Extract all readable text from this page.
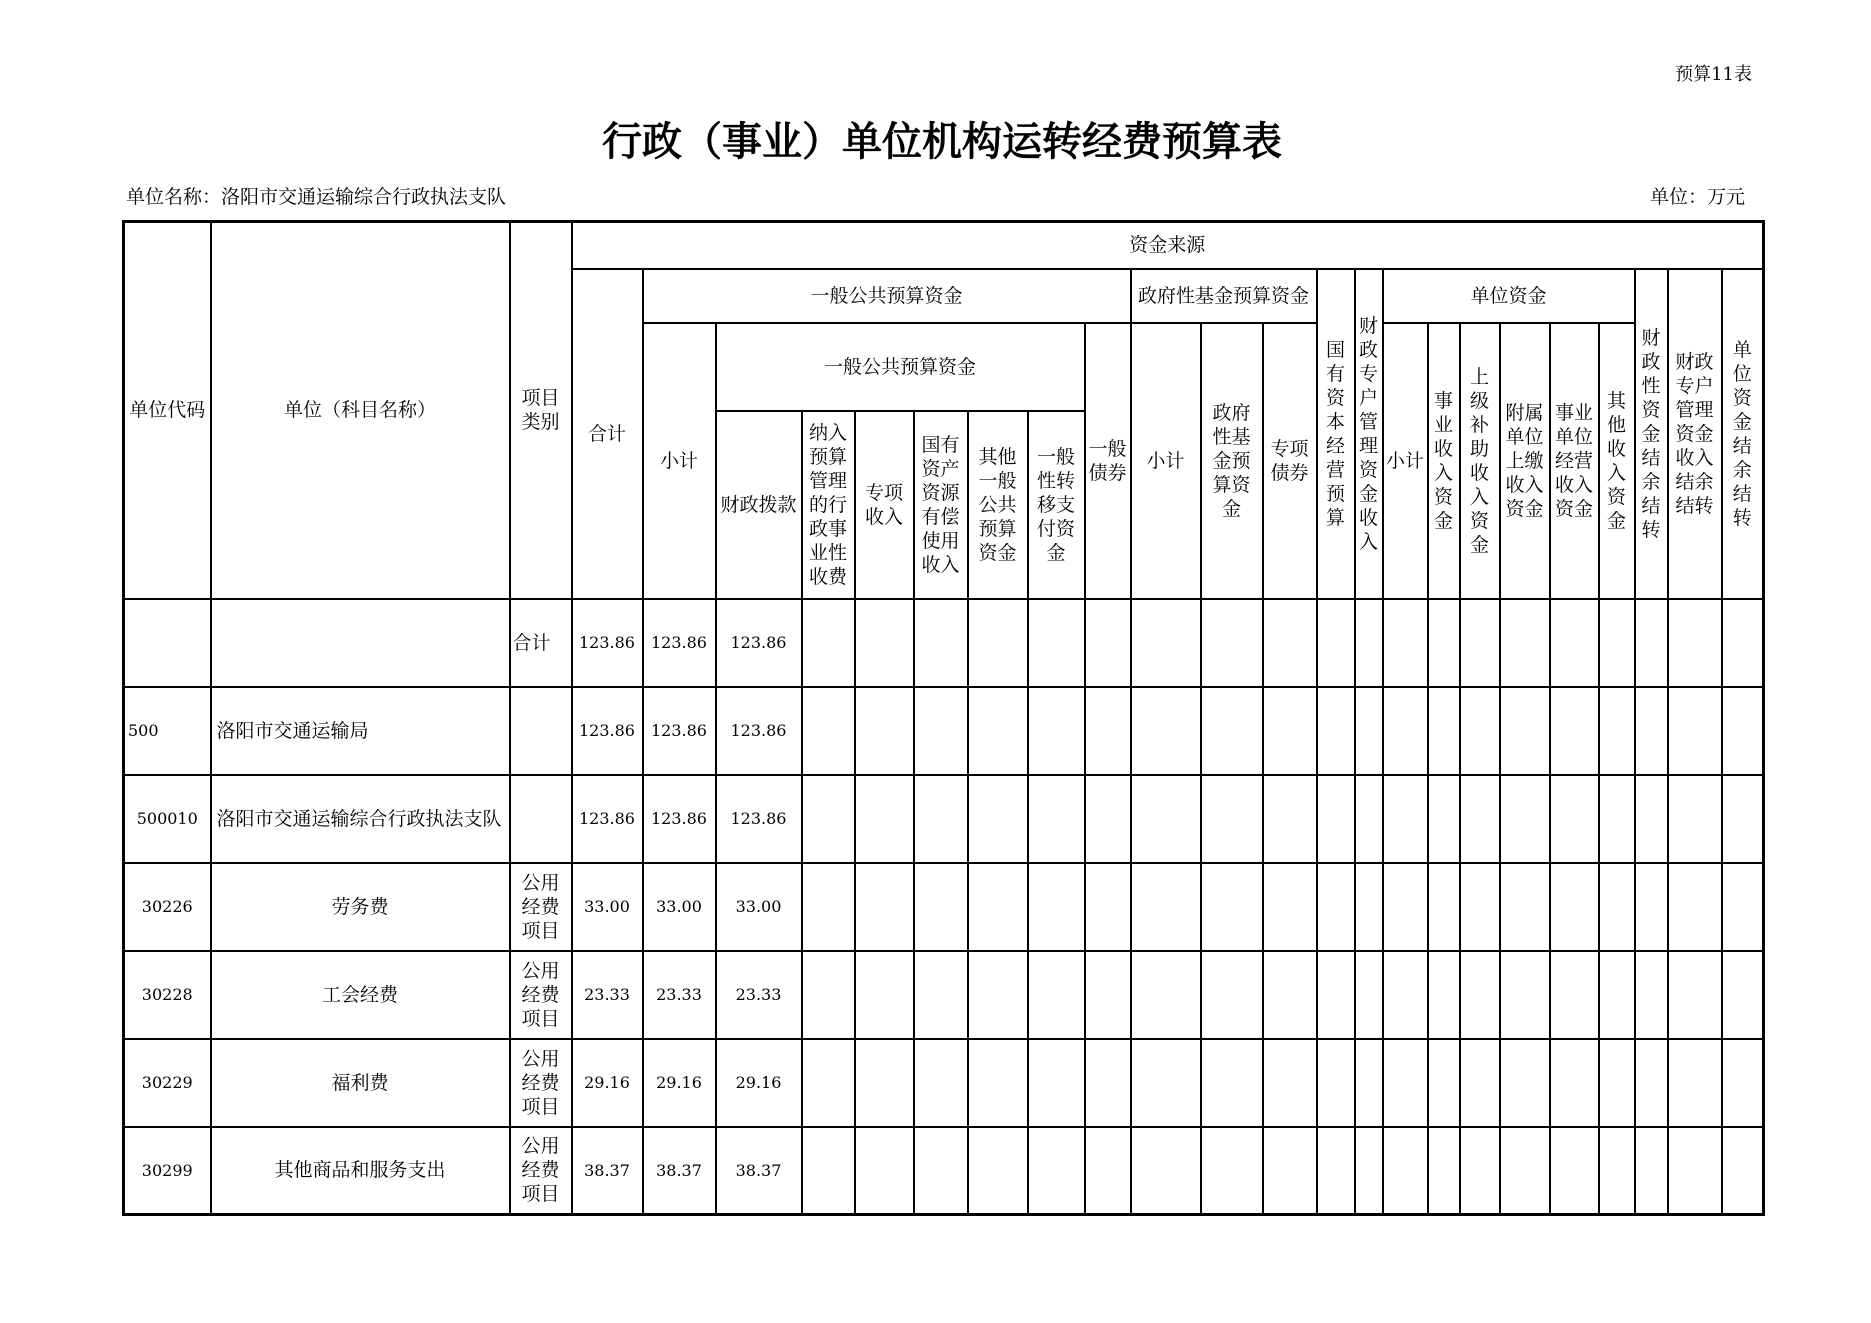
预算11表
行政（事业）单位机构运转经费预算表
单位名称：洛阳市交通运输综合行政执法支队	单位：万元
单位代码	单位（科目名称）	项目类别	资金来源																						
			合计	一般公共预算资金								政府性基金预算资金			国有资本经营预算	财政专户管理资金收入	单位资金						财政性资金结余结转	财政专户管理资金收入结余结转	单位资金结余结转
				小计	一般公共预算资金						一般债券	小计	政府性基金预算资金	专项债券			小计	事业收入资金	上级补助收入资金	附属单位上缴收入资金	事业单位经营收入资金	其他收入资金			
					财政拨款	纳入预算管理的行政事业性收费	专项收入	国有资产资源有偿使用收入	其他一般公共预算资金	一般性转移支付资金															
		合计	123.86	123.86	123.86																				
500	洛阳市交通运输局		123.86	123.86	123.86																				
500010	洛阳市交通运输综合行政执法支队		123.86	123.86	123.86																				
30226	劳务费	公用经费项目	33.00	33.00	33.00																				
30228	工会经费	公用经费项目	23.33	23.33	23.33																				
30229	福利费	公用经费项目	29.16	29.16	29.16																				
30299	其他商品和服务支出	公用经费项目	38.37	38.37	38.37																				
